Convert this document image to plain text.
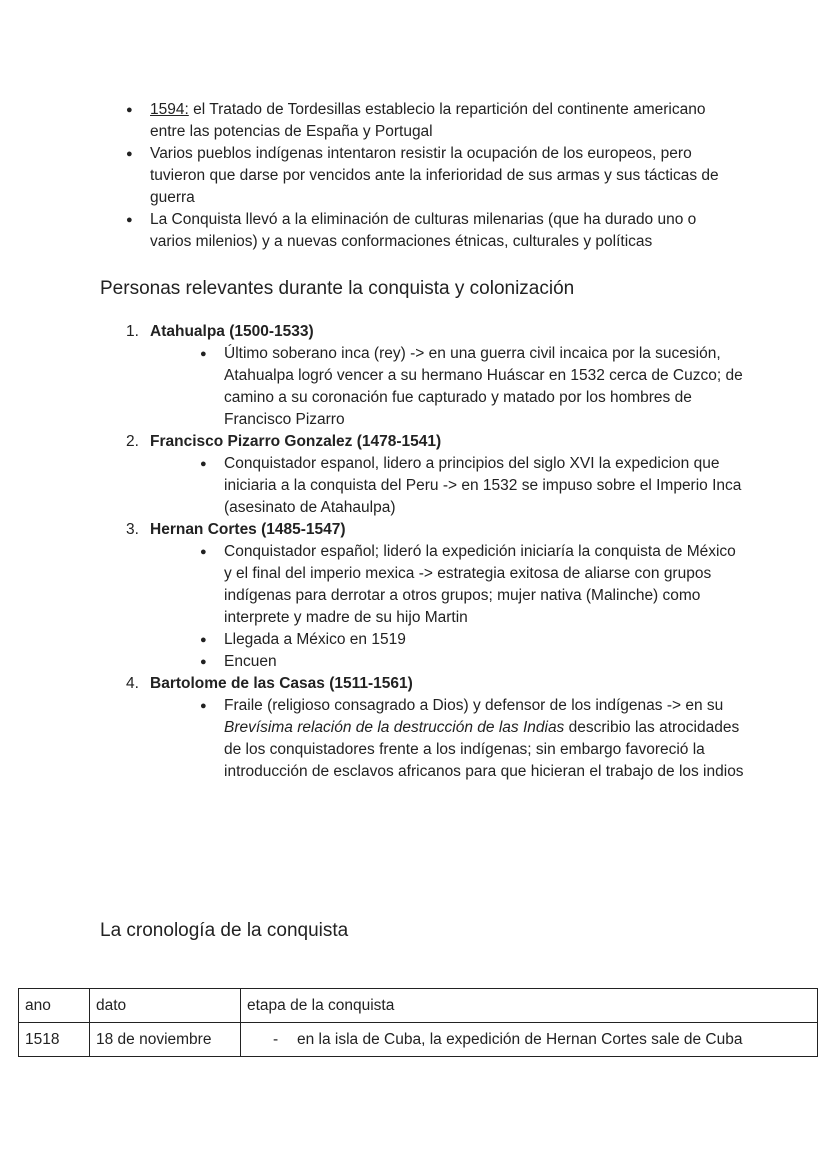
● 1594: el Tratado de Tordesillas establecio la repartición del continente americano entre las potencias de España y Portugal
● Varios pueblos indígenas intentaron resistir la ocupación de los europeos, pero tuvieron que darse por vencidos ante la inferioridad de sus armas y sus tácticas de guerra
● La Conquista llevó a la eliminación de culturas milenarias (que ha durado uno o varios milenios) y a nuevas conformaciones étnicas, culturales y políticas
Personas relevantes durante la conquista y colonización
1. Atahualpa (1500-1533)
● Último soberano inca (rey) -> en una guerra civil incaica por la sucesión, Atahualpa logró vencer a su hermano Huáscar en 1532 cerca de Cuzco; de camino a su coronación fue capturado y matado por los hombres de Francisco Pizarro
2. Francisco Pizarro Gonzalez (1478-1541)
● Conquistador espanol, lidero a principios del siglo XVI la expedicion que iniciaria a la conquista del Peru -> en 1532 se impuso sobre el Imperio Inca (asesinato de Atahaulpa)
3. Hernan Cortes (1485-1547)
● Conquistador español; lideró la expedición iniciaría la conquista de México y el final del imperio mexica -> estrategia exitosa de aliarse con grupos indígenas para derrotar a otros grupos; mujer nativa (Malinche) como interprete y madre de su hijo Martin
● Llegada a México en 1519
● Encuen
4. Bartolome de las Casas (1511-1561)
● Fraile (religioso consagrado a Dios) y defensor de los indígenas -> en su Brevísima relación de la destrucción de las Indias describio las atrocidades de los conquistadores frente a los indígenas; sin embargo favoreció la introducción de esclavos africanos para que hicieran el trabajo de los indios
La cronología de la conquista
ano	dato	etapa de la conquista
1518	18 de noviembre	- en la isla de Cuba, la expedición de Hernan Cortes sale de Cuba
